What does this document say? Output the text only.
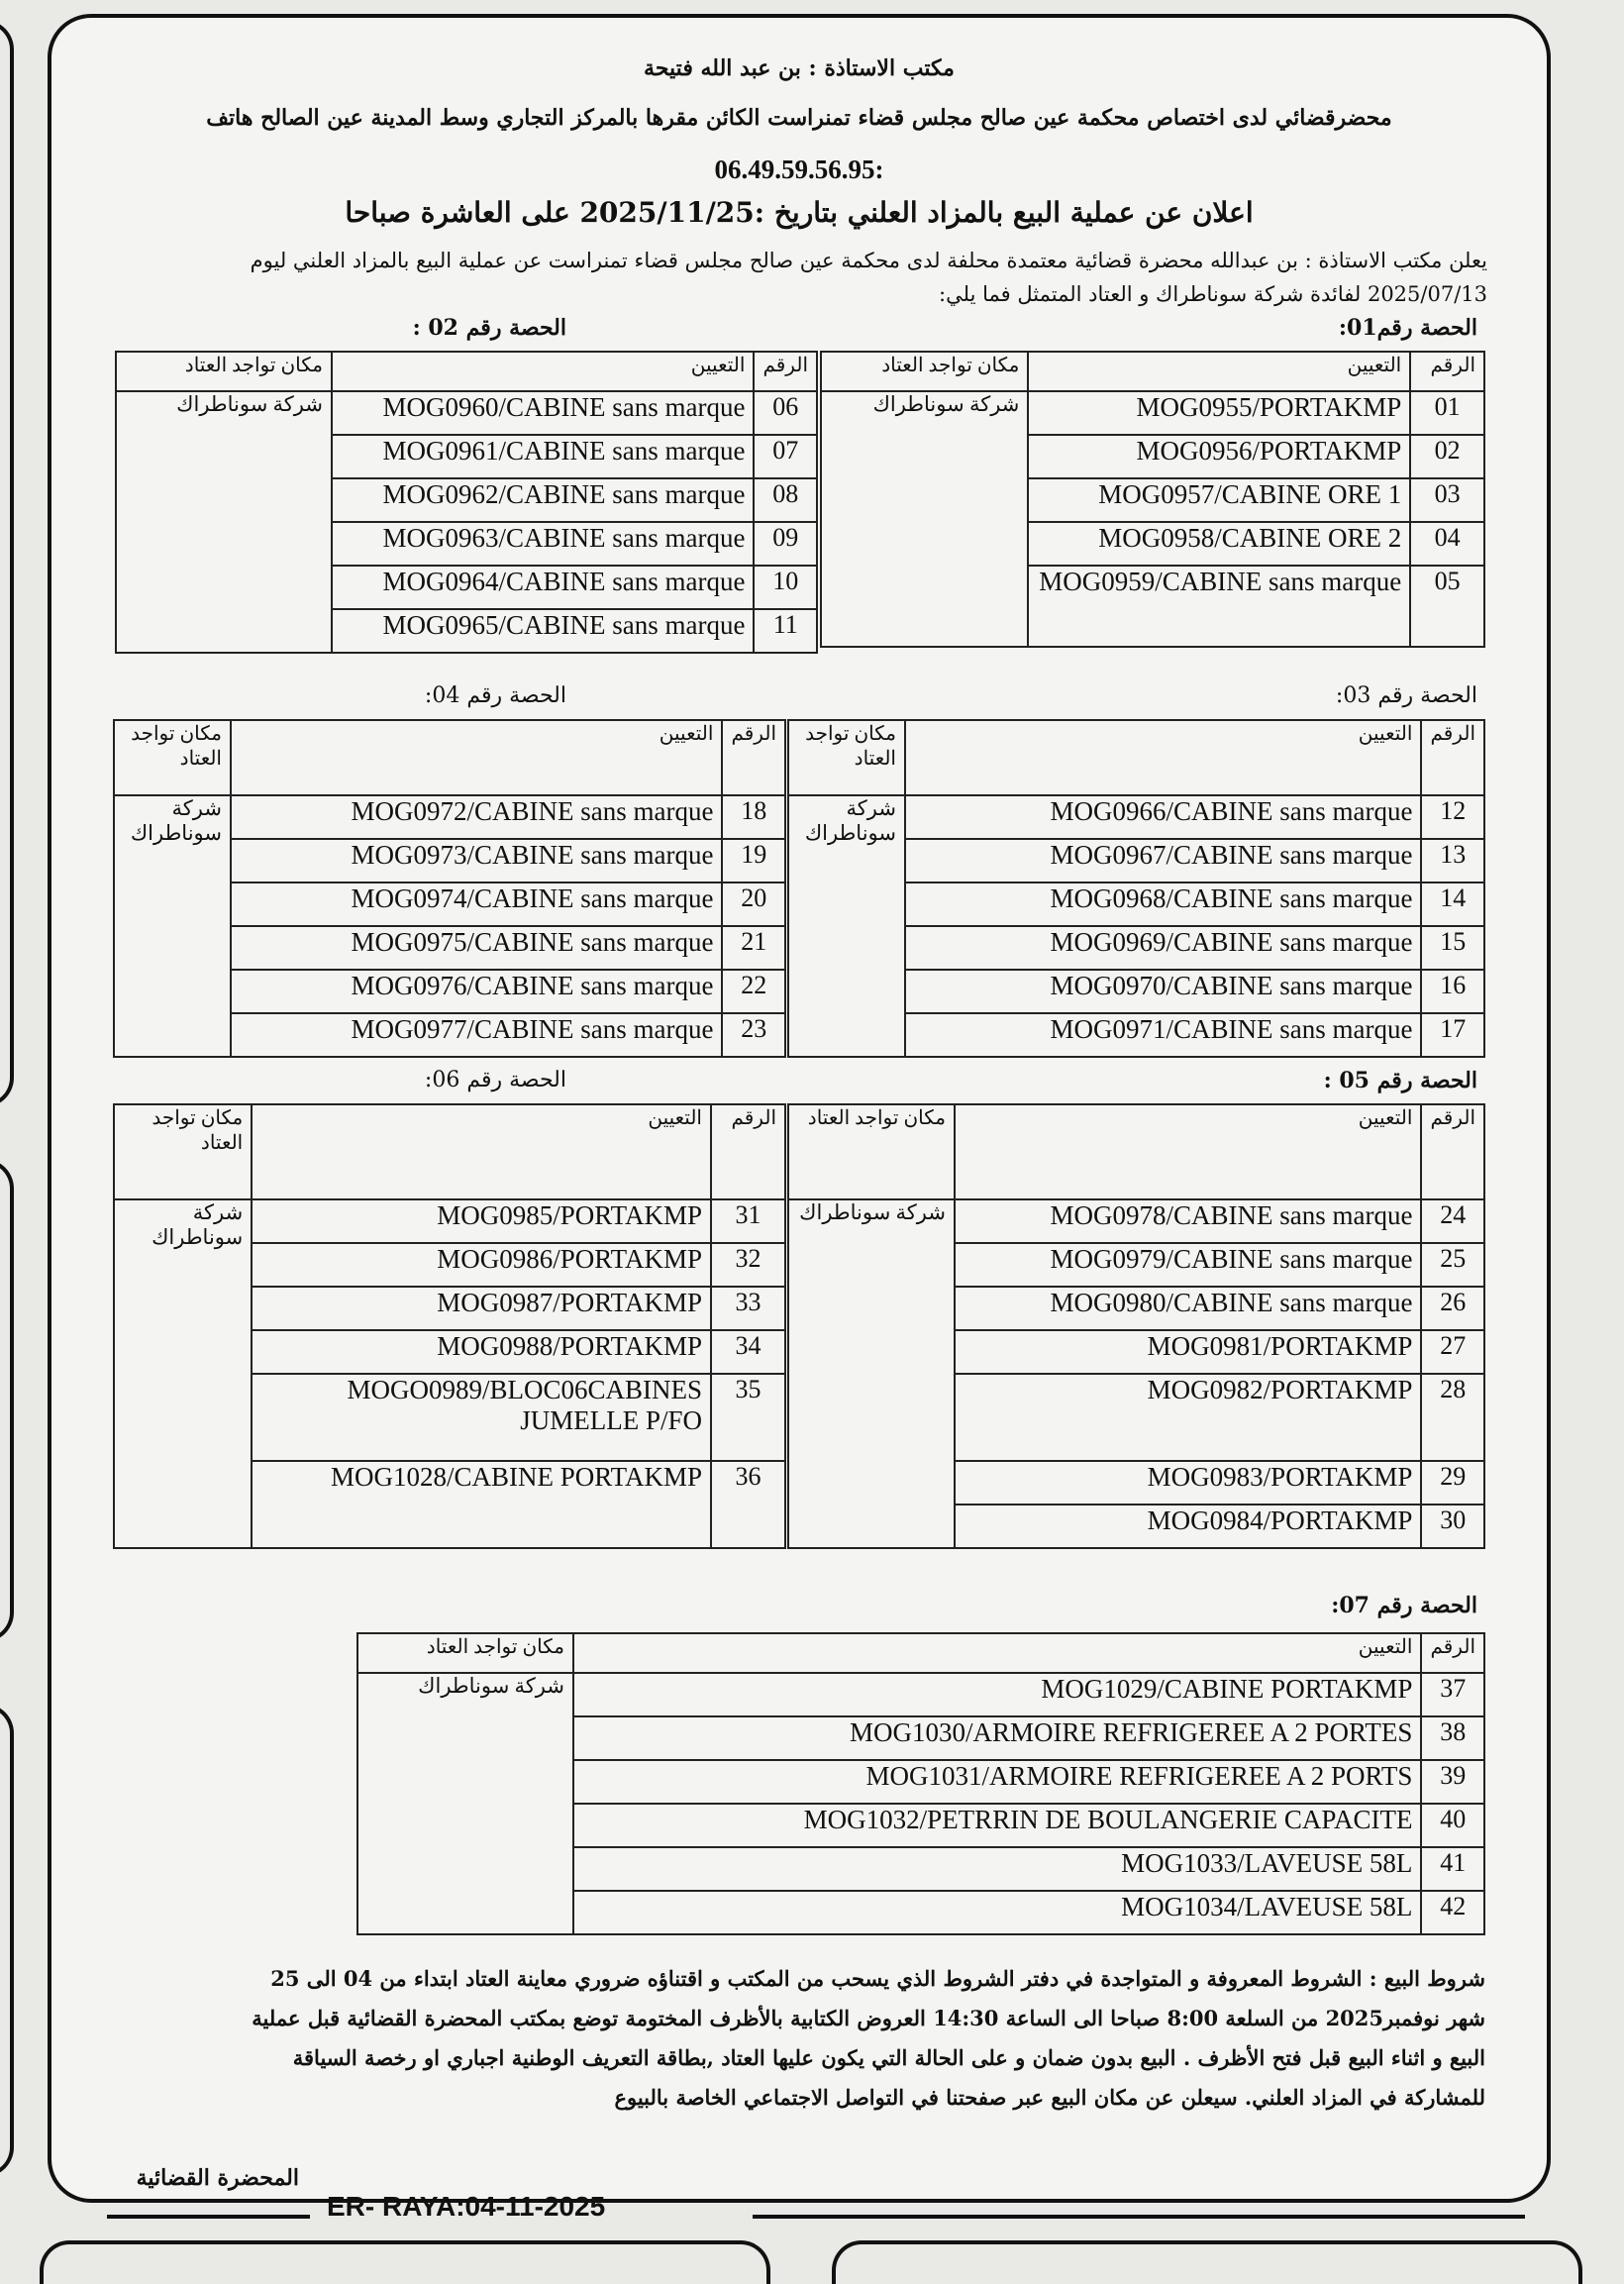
مكتب الاستاذة : بن عبد الله فتيحة
محضرقضائي لدى اختصاص محكمة عين صالح مجلس قضاء تمنراست الكائن مقرها بالمركز التجاري وسط المدينة عين الصالح هاتف
06.49.59.56.95:
اعلان عن عملية البيع بالمزاد العلني بتاريخ :2025/11/25 على العاشرة صباحا
يعلن مكتب الاستاذة : بن عبدالله محضرة قضائية معتمدة محلفة لدى محكمة عين صالح مجلس قضاء تمنراست عن عملية البيع بالمزاد العلني ليوم 2025/07/13 لفائدة شركة سوناطراك و العتاد المتمثل فما يلي:
الحصة رقم01:
الحصة رقم 02 :
الحصة رقم 03:
الحصة رقم 04:
الحصة رقم 05 :
الحصة رقم 06:
الحصة رقم 07:
الرقم	التعيين	مكان تواجد العتاد
01	MOG0955/PORTAKMP	شركة سوناطراك
02	MOG0956/PORTAKMP	
03	MOG0957/CABINE ORE 1	
04	MOG0958/CABINE ORE 2	
05	MOG0959/CABINE sans marque	
الرقم	التعيين	مكان تواجد العتاد
06	MOG0960/CABINE sans marque	شركة سوناطراك
07	MOG0961/CABINE sans marque	
08	MOG0962/CABINE sans marque	
09	MOG0963/CABINE sans marque	
10	MOG0964/CABINE sans marque	
11	MOG0965/CABINE sans marque	
الرقم	التعيين	مكان تواجد العتاد
12	MOG0966/CABINE sans marque	شركة سوناطراك
13	MOG0967/CABINE sans marque	
14	MOG0968/CABINE sans marque	
15	MOG0969/CABINE sans marque	
16	MOG0970/CABINE sans marque	
17	MOG0971/CABINE sans marque	
الرقم	التعيين	مكان تواجد العتاد
18	MOG0972/CABINE sans marque	شركة سوناطراك
19	MOG0973/CABINE sans marque	
20	MOG0974/CABINE sans marque	
21	MOG0975/CABINE sans marque	
22	MOG0976/CABINE sans marque	
23	MOG0977/CABINE sans marque	
الرقم	التعيين	مكان تواجد العتاد
24	MOG0978/CABINE sans marque	شركة سوناطراك
25	MOG0979/CABINE sans marque	
26	MOG0980/CABINE sans marque	
27	MOG0981/PORTAKMP	
28	MOG0982/PORTAKMP	
29	MOG0983/PORTAKMP	
30	MOG0984/PORTAKMP	
الرقم	التعيين	مكان تواجد العتاد
31	MOG0985/PORTAKMP	شركة سوناطراك
32	MOG0986/PORTAKMP	
33	MOG0987/PORTAKMP	
34	MOG0988/PORTAKMP	
35	MOGO0989/BLOC06CABINES JUMELLE P/FO	
36	MOG1028/CABINE PORTAKMP	
الرقم	التعيين	مكان تواجد العتاد
37	MOG1029/CABINE PORTAKMP	شركة سوناطراك
38	MOG1030/ARMOIRE REFRIGEREE A 2 PORTES	
39	MOG1031/ARMOIRE REFRIGEREE A 2 PORTS	
40	MOG1032/PETRRIN DE BOULANGERIE CAPACITE	
41	MOG1033/LAVEUSE 58L	
42	MOG1034/LAVEUSE 58L	
شروط البيع : الشروط المعروفة و المتواجدة في دفتر الشروط الذي يسحب من المكتب و اقتناؤه ضروري معاينة العتاد ابتداء من 04 الى 25 شهر نوفمبر2025 من السلعة 8:00 صباحا الى الساعة 14:30 العروض الكتابية بالأظرف المختومة توضع بمكتب المحضرة القضائية قبل عملية البيع و اثناء البيع قبل فتح الأظرف . البيع بدون ضمان و على الحالة التي يكون عليها العتاد ,بطاقة التعريف الوطنية اجباري او رخصة السياقة للمشاركة في المزاد العلني. سيعلن عن مكان البيع عبر صفحتنا في التواصل الاجتماعي الخاصة بالبيوع
المحضرة القضائية
ER- RAYA:04-11-2025
